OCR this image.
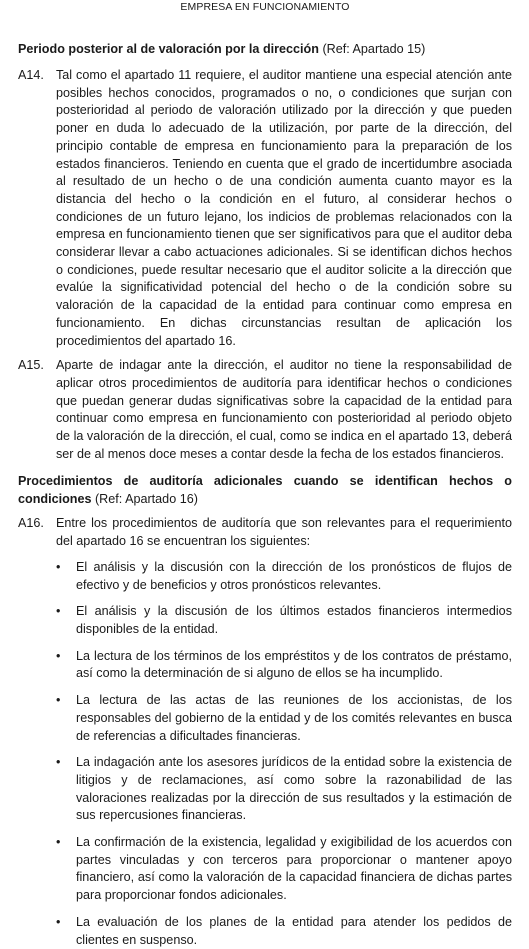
EMPRESA EN FUNCIONAMIENTO

Periodo posterior al de valoración por la dirección (Ref: Apartado 15)

A14. Tal como el apartado 11 requiere, el auditor mantiene una especial atención ante posibles hechos conocidos, programados o no, o condiciones que surjan con posterioridad al periodo de valoración utilizado por la dirección y que pueden poner en duda lo adecuado de la utilización, por parte de la dirección, del principio contable de empresa en funcionamiento para la preparación de los estados financieros. Teniendo en cuenta que el grado de incertidumbre asociada al resultado de un hecho o de una condición aumenta cuanto mayor es la distancia del hecho o la condición en el futuro, al considerar hechos o condiciones de un futuro lejano, los indicios de problemas relacionados con la empresa en funcionamiento tienen que ser significativos para que el auditor deba considerar llevar a cabo actuaciones adicionales. Si se identifican dichos hechos o condiciones, puede resultar necesario que el auditor solicite a la dirección que evalúe la significatividad potencial del hecho o de la condición sobre su valoración de la capacidad de la entidad para continuar como empresa en funcionamiento. En dichas circunstancias resultan de aplicación los procedimientos del apartado 16.
A15. Aparte de indagar ante la dirección, el auditor no tiene la responsabilidad de aplicar otros procedimientos de auditoría para identificar hechos o condiciones que puedan generar dudas significativas sobre la capacidad de la entidad para continuar como empresa en funcionamiento con posterioridad al periodo objeto de la valoración de la dirección, el cual, como se indica en el apartado 13, deberá ser de al menos doce meses a contar desde la fecha de los estados financieros.

Procedimientos de auditoría adicionales cuando se identifican hechos o condiciones (Ref: Apartado 16)

A16. Entre los procedimientos de auditoría que son relevantes para el requerimiento del apartado 16 se encuentran los siguientes:
• El análisis y la discusión con la dirección de los pronósticos de flujos de efectivo y de beneficios y otros pronósticos relevantes.
• El análisis y la discusión de los últimos estados financieros intermedios disponibles de la entidad.
• La lectura de los términos de los empréstitos y de los contratos de préstamo, así como la determinación de si alguno de ellos se ha incumplido.
• La lectura de las actas de las reuniones de los accionistas, de los responsables del gobierno de la entidad y de los comités relevantes en busca de referencias a dificultades financieras.
• La indagación ante los asesores jurídicos de la entidad sobre la existencia de litigios y de reclamaciones, así como sobre la razonabilidad de las valoraciones realizadas por la dirección de sus resultados y la estimación de sus repercusiones financieras.
• La confirmación de la existencia, legalidad y exigibilidad de los acuerdos con partes vinculadas y con terceros para proporcionar o mantener apoyo financiero, así como la valoración de la capacidad financiera de dichas partes para proporcionar fondos adicionales.
• La evaluación de los planes de la entidad para atender los pedidos de clientes en suspenso.
